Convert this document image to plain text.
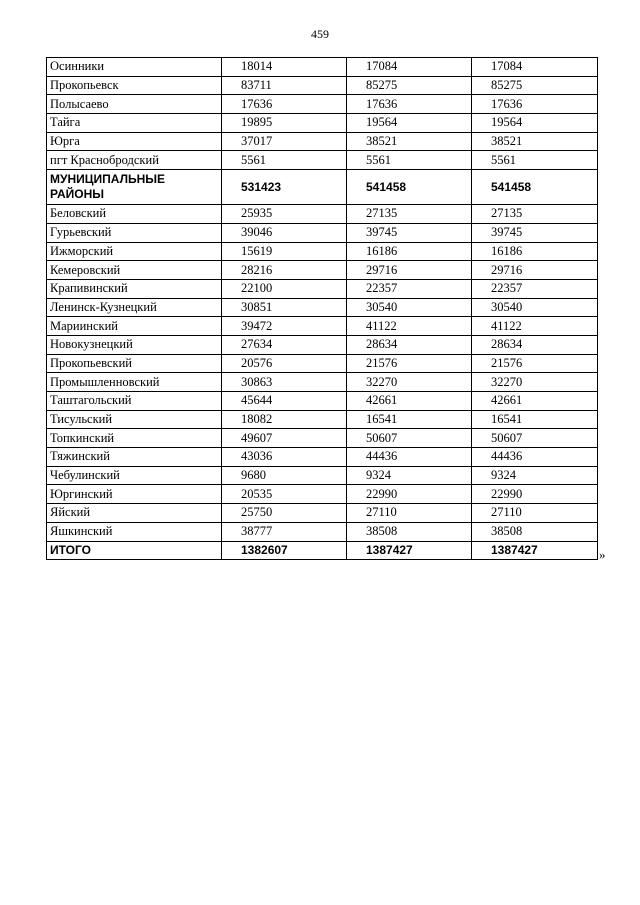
459
Осинники	18014	17084	17084
Прокопьевск	83711	85275	85275
Полысаево	17636	17636	17636
Тайга	19895	19564	19564
Юрга	37017	38521	38521
пгт Краснобродский	5561	5561	5561
МУНИЦИПАЛЬНЫЕ РАЙОНЫ	531423	541458	541458
Беловский	25935	27135	27135
Гурьевский	39046	39745	39745
Ижморский	15619	16186	16186
Кемеровский	28216	29716	29716
Крапивинский	22100	22357	22357
Ленинск-Кузнецкий	30851	30540	30540
Мариинский	39472	41122	41122
Новокузнецкий	27634	28634	28634
Прокопьевский	20576	21576	21576
Промышленновский	30863	32270	32270
Таштагольский	45644	42661	42661
Тисульский	18082	16541	16541
Топкинский	49607	50607	50607
Тяжинский	43036	44436	44436
Чебулинский	9680	9324	9324
Юргинский	20535	22990	22990
Яйский	25750	27110	27110
Яшкинский	38777	38508	38508
ИТОГО	1382607	1387427	1387427	»
